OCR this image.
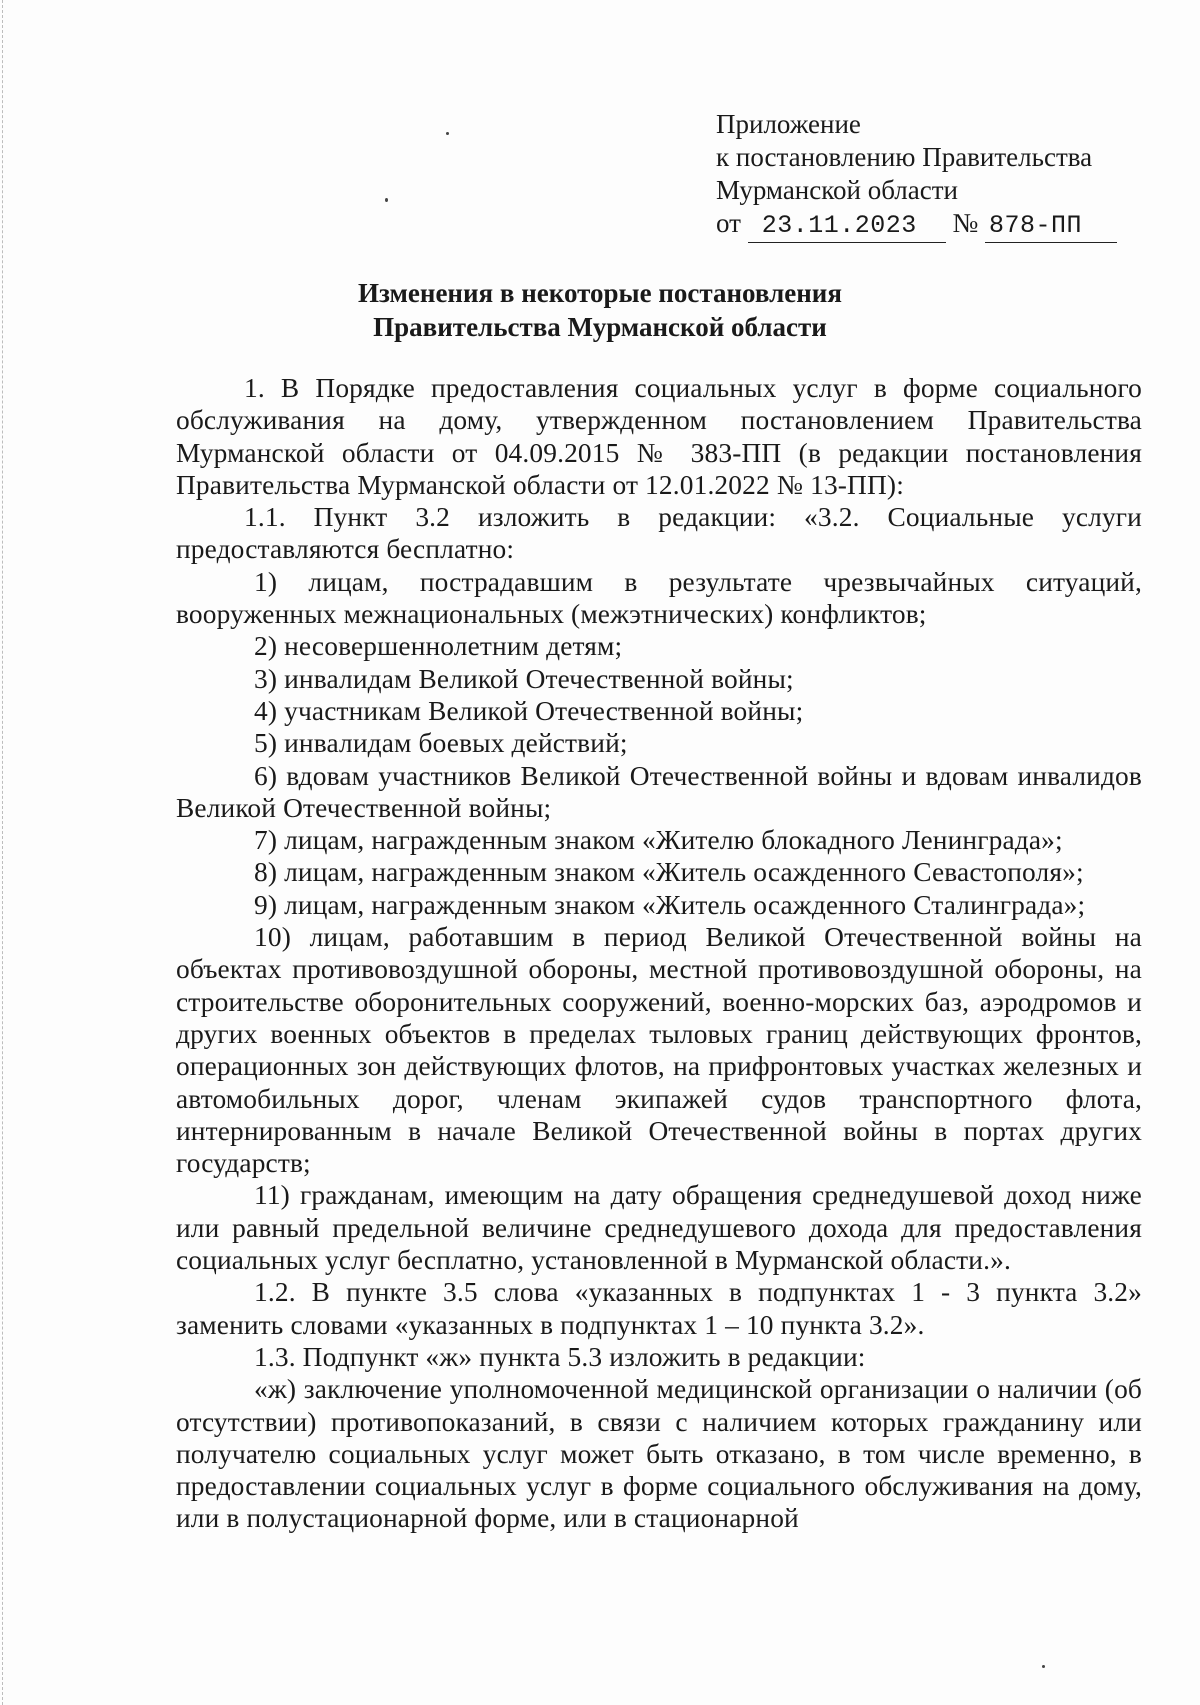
Приложение
к постановлению Правительства
Мурманской области
от 23.11.2023 № 878-ПП
Изменения в некоторые постановления
Правительства Мурманской области

1. В Порядке предоставления социальных услуг в форме социального обслуживания на дому, утвержденном постановлением Правительства Мурманской области от 04.09.2015 № 383-ПП (в редакции постановления Правительства Мурманской области от 12.01.2022 № 13-ПП):

1.1. Пункт 3.2 изложить в редакции: «3.2. Социальные услуги предоставляются бесплатно:

1) лицам, пострадавшим в результате чрезвычайных ситуаций, вооруженных межнациональных (межэтнических) конфликтов;

2) несовершеннолетним детям;

3) инвалидам Великой Отечественной войны;

4) участникам Великой Отечественной войны;

5) инвалидам боевых действий;

6) вдовам участников Великой Отечественной войны и вдовам инвалидов Великой Отечественной войны;

7) лицам, награжденным знаком «Жителю блокадного Ленинграда»;

8) лицам, награжденным знаком «Житель осажденного Севастополя»;

9) лицам, награжденным знаком «Житель осажденного Сталинграда»;

10) лицам, работавшим в период Великой Отечественной войны на объектах противовоздушной обороны, местной противовоздушной обороны, на строительстве оборонительных сооружений, военно-морских баз, аэродромов и других военных объектов в пределах тыловых границ действующих фронтов, операционных зон действующих флотов, на прифронтовых участках железных и автомобильных дорог, членам экипажей судов транспортного флота, интернированным в начале Великой Отечественной войны в портах других государств;

11) гражданам, имеющим на дату обращения среднедушевой доход ниже или равный предельной величине среднедушевого дохода для предоставления социальных услуг бесплатно, установленной в Мурманской области.».

1.2. В пункте 3.5 слова «указанных в подпунктах 1 - 3 пункта 3.2» заменить словами «указанных в подпунктах 1 – 10 пункта 3.2».

1.3. Подпункт «ж» пункта 5.3 изложить в редакции:

«ж) заключение уполномоченной медицинской организации о наличии (об отсутствии) противопоказаний, в связи с наличием которых гражданину или получателю социальных услуг может быть отказано, в том числе временно, в предоставлении социальных услуг в форме социального обслуживания на дому, или в полустационарной форме, или в стационарной
